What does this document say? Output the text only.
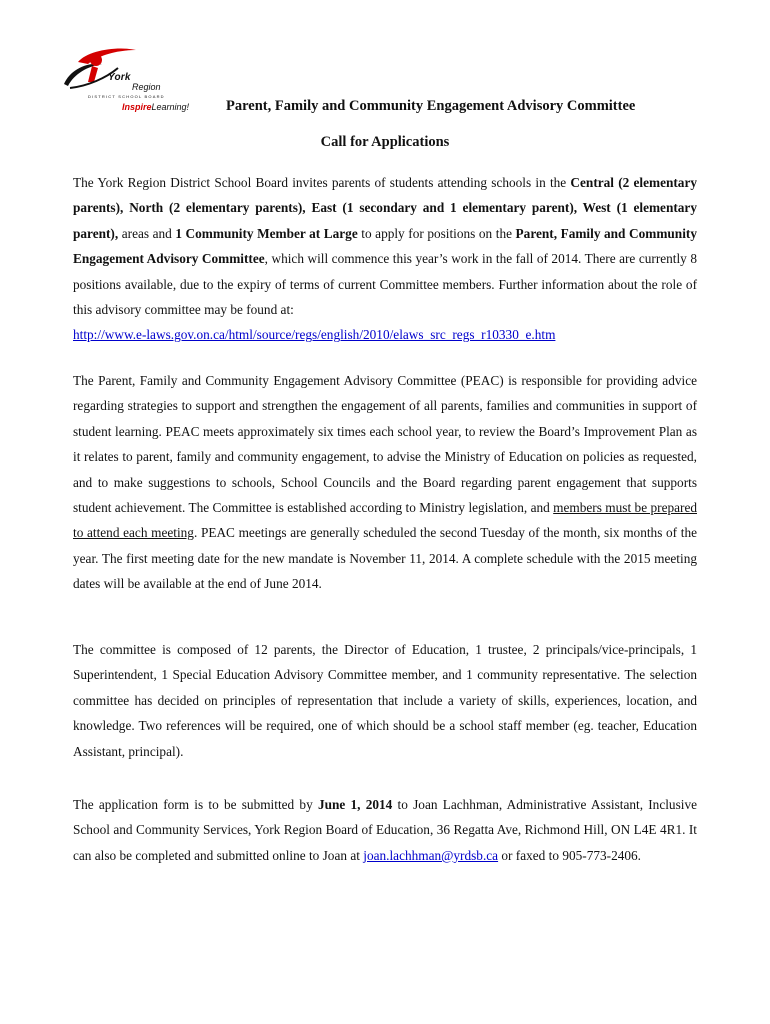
York
Region
DISTRICT SCHOOL BOARD
InspireLearning!	Parent, Family and Community Engagement Advisory Committee
Call for Applications

The York Region District School Board invites parents of students attending schools in the Central (2 elementary parents), North (2 elementary parents), East (1 secondary and 1 elementary parent), West (1 elementary parent), areas and 1 Community Member at Large to apply for positions on the Parent, Family and Community Engagement Advisory Committee, which will commence this year’s work in the fall of 2014. There are currently 8 positions available, due to the expiry of terms of current Committee members. Further information about the role of this advisory committee may be found at:
http://www.e-laws.gov.on.ca/html/source/regs/english/2010/elaws_src_regs_r10330_e.htm

The Parent, Family and Community Engagement Advisory Committee (PEAC) is responsible for providing advice regarding strategies to support and strengthen the engagement of all parents, families and communities in support of student learning. PEAC meets approximately six times each school year, to review the Board’s Improvement Plan as it relates to parent, family and community engagement, to advise the Ministry of Education on policies as requested, and to make suggestions to schools, School Councils and the Board regarding parent engagement that supports student achievement. The Committee is established according to Ministry legislation, and members must be prepared to attend each meeting. PEAC meetings are generally scheduled the second Tuesday of the month, six months of the year. The first meeting date for the new mandate is November 11, 2014. A complete schedule with the 2015 meeting dates will be available at the end of June 2014.

The committee is composed of 12 parents, the Director of Education, 1 trustee, 2 principals/vice-principals, 1 Superintendent, 1 Special Education Advisory Committee member, and 1 community representative. The selection committee has decided on principles of representation that include a variety of skills, experiences, location, and knowledge. Two references will be required, one of which should be a school staff member (eg. teacher, Education Assistant, principal).

The application form is to be submitted by June 1, 2014 to Joan Lachhman, Administrative Assistant, Inclusive School and Community Services, York Region Board of Education, 36 Regatta Ave, Richmond Hill, ON L4E 4R1. It can also be completed and submitted online to Joan at joan.lachhman@yrdsb.ca or faxed to 905-773-2406.
